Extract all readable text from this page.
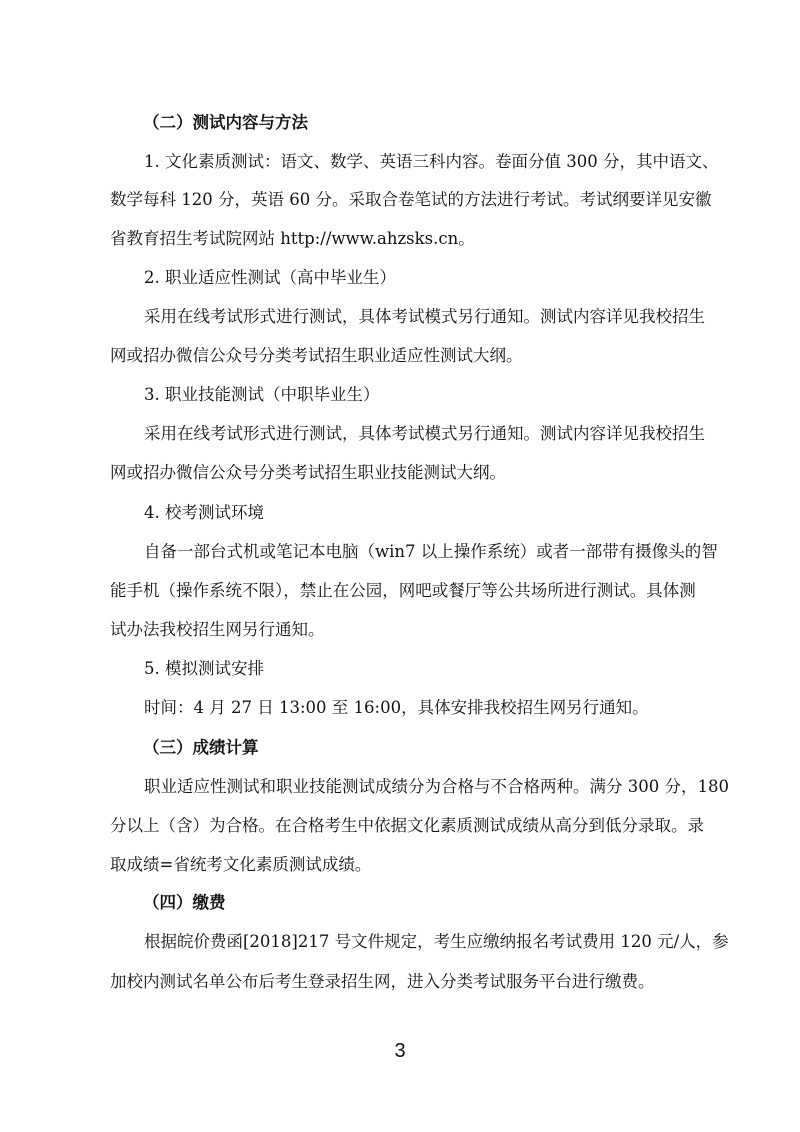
（二）测试内容与方法
1. 文化素质测试：语文、数学、英语三科内容。卷面分值 300 分，其中语文、
数学每科 120 分，英语 60 分。采取合卷笔试的方法进行考试。考试纲要详见安徽
省教育招生考试院网站 http://www.ahzsks.cn。
2. 职业适应性测试（高中毕业生）
采用在线考试形式进行测试，具体考试模式另行通知。测试内容详见我校招生
网或招办微信公众号分类考试招生职业适应性测试大纲。
3. 职业技能测试（中职毕业生）
采用在线考试形式进行测试，具体考试模式另行通知。测试内容详见我校招生
网或招办微信公众号分类考试招生职业技能测试大纲。
4. 校考测试环境
自备一部台式机或笔记本电脑（win7 以上操作系统）或者一部带有摄像头的智
能手机（操作系统不限），禁止在公园，网吧或餐厅等公共场所进行测试。具体测
试办法我校招生网另行通知。
5. 模拟测试安排
时间：4 月 27 日 13:00 至 16:00，具体安排我校招生网另行通知。
（三）成绩计算
职业适应性测试和职业技能测试成绩分为合格与不合格两种。满分 300 分，180
分以上（含）为合格。在合格考生中依据文化素质测试成绩从高分到低分录取。录
取成绩=省统考文化素质测试成绩。
（四）缴费
根据皖价费函[2018]217 号文件规定，考生应缴纳报名考试费用 120 元/人，参
加校内测试名单公布后考生登录招生网，进入分类考试服务平台进行缴费。
3
